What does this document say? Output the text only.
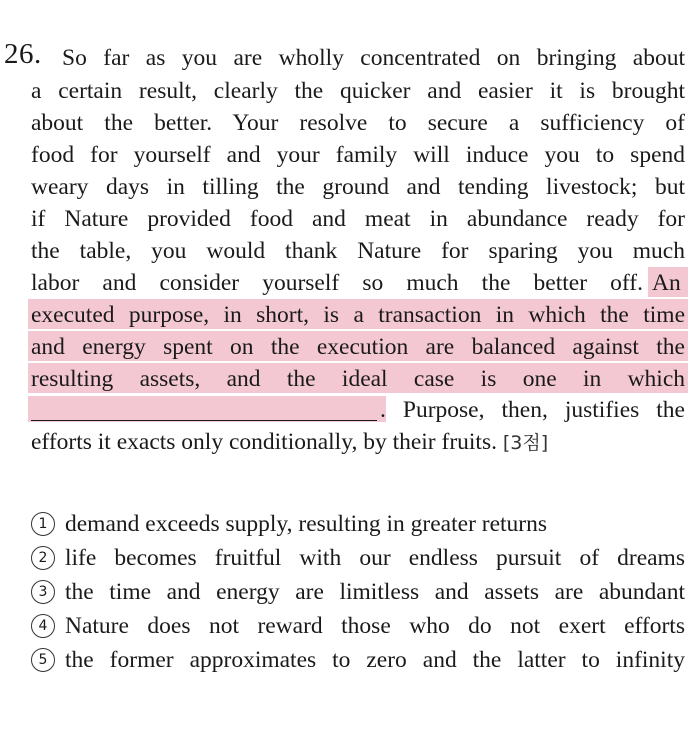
26. So far as you are wholly concentrated on bringing about
a certain result, clearly the quicker and easier it is brought
about the better. Your resolve to secure a sufficiency of
food for yourself and your family will induce you to spend
weary days in tilling the ground and tending livestock; but
if Nature provided food and meat in abundance ready for
the table, you would thank Nature for sparing you much
labor and consider yourself so much the better off. An
executed purpose, in short, is a transaction in which the time
and energy spent on the execution are balanced against the
resulting assets, and the ideal case is one in which
. Purpose, then, justifies the
efforts it exacts only conditionally, by their fruits. [3점]
1 demand exceeds supply, resulting in greater returns
2 life becomes fruitful with our endless pursuit of dreams
3 the time and energy are limitless and assets are abundant
4 Nature does not reward those who do not exert efforts
5 the former approximates to zero and the latter to infinity
